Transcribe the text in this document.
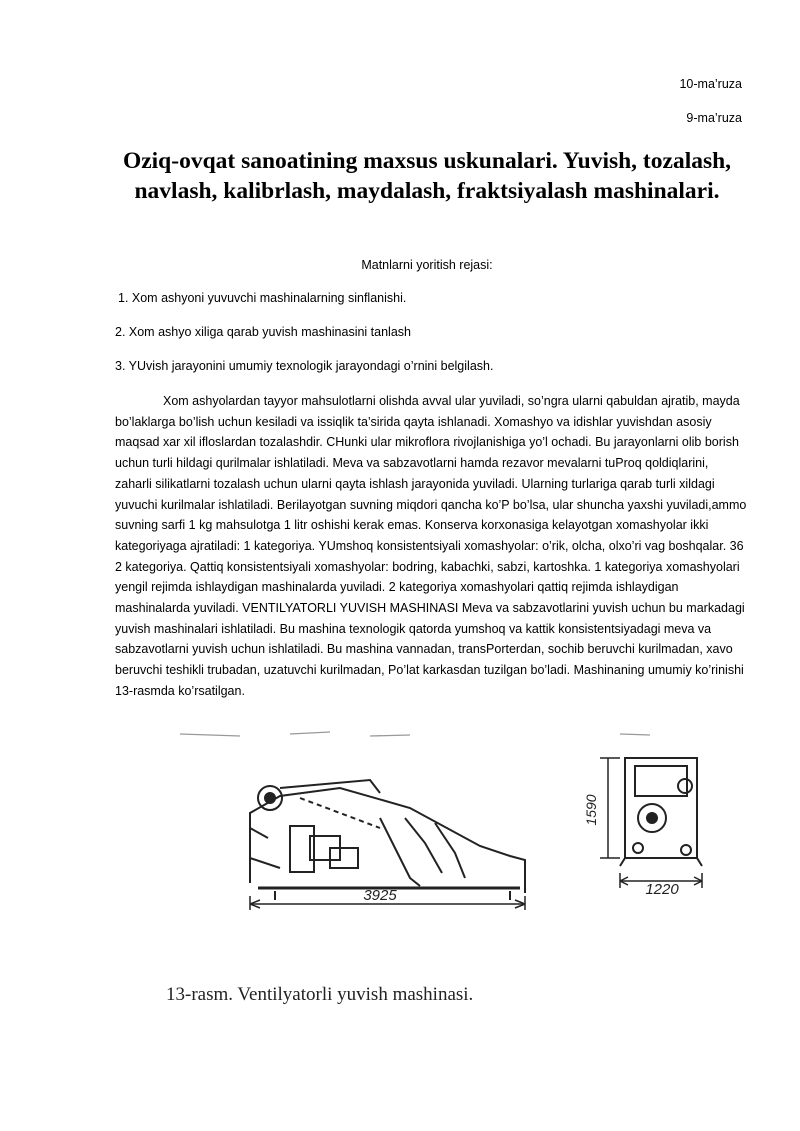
10-ma’ruza
9-ma’ruza
Oziq-ovqat sanoatining maxsus uskunalari. Yuvish, tozalash, navlash, kalibrlash, maydalash, fraktsiyalash mashinalari.
Matnlarni yoritish rejasi:
1. Xom ashyoni yuvuvchi mashinalarning sinflanishi.
2. Xom ashyo xiliga qarab yuvish mashinasini tanlash
3. YUvish jarayonini umumiy texnologik jarayondagi o’rnini belgilash.

Xom ashyolardan tayyor mahsulotlarni olishda avval ular yuviladi, so’ngra ularni qabuldan ajratib, mayda bo’laklarga bo’lish uchun kesiladi va issiqlik ta’sirida qayta ishlanadi. Xomashyo va idishlar yuvishdan asosiy maqsad xar xil ifloslardan tozalashdir. CHunki ular mikroflora rivojlanishiga yo’l ochadi. Bu jarayonlarni olib borish uchun turli hildagi qurilmalar ishlatiladi. Meva va sabzavotlarni hamda rezavor mevalarni tuProq qoldiqlarini, zaharli silikatlarni tozalash uchun ularni qayta ishlash jarayonida yuviladi. Ularning turlariga qarab turli xildagi yuvuchi kurilmalar ishlatiladi. Berilayotgan suvning miqdori qancha ko’P bo’lsa, ular shuncha yaxshi yuviladi,ammo suvning sarfi 1 kg mahsulotga 1 litr oshishi kerak emas. Konserva korxonasiga kelayotgan xomashyolar ikki kategoriyaga ajratiladi: 1 kategoriya. YUmshoq konsistentsiyali xomashyolar: o’rik, olcha, olxo’ri vag boshqalar. 36 2 kategoriya. Qattiq konsistentsiyali xomashyolar: bodring, kabachki, sabzi, kartoshka. 1 kategoriya xomashyolari yengil rejimda ishlaydigan mashinalarda yuviladi. 2 kategoriya xomashyolari qattiq rejimda ishlaydigan mashinalarda yuviladi. VENTILYATORLI YUVISH MASHINASI Meva va sabzavotlarini yuvish uchun bu markadagi yuvish mashinalari ishlatiladi. Bu mashina texnologik qatorda yumshoq va kattik konsistentsiyadagi meva va sabzavotlarni yuvish uchun ishlatiladi. Bu mashina vannadan, transPorterdan, sochib beruvchi kurilmadan, xavo beruvchi teshikli trubadan, uzatuvchi kurilmadan, Po’lat karkasdan tuzilgan bo’ladi. Mashinaning umumiy ko’rinishi 13-rasmda ko’rsatilgan.

3925
1590
1220
13-rasm. Ventilyatorli yuvish mashinasi.
